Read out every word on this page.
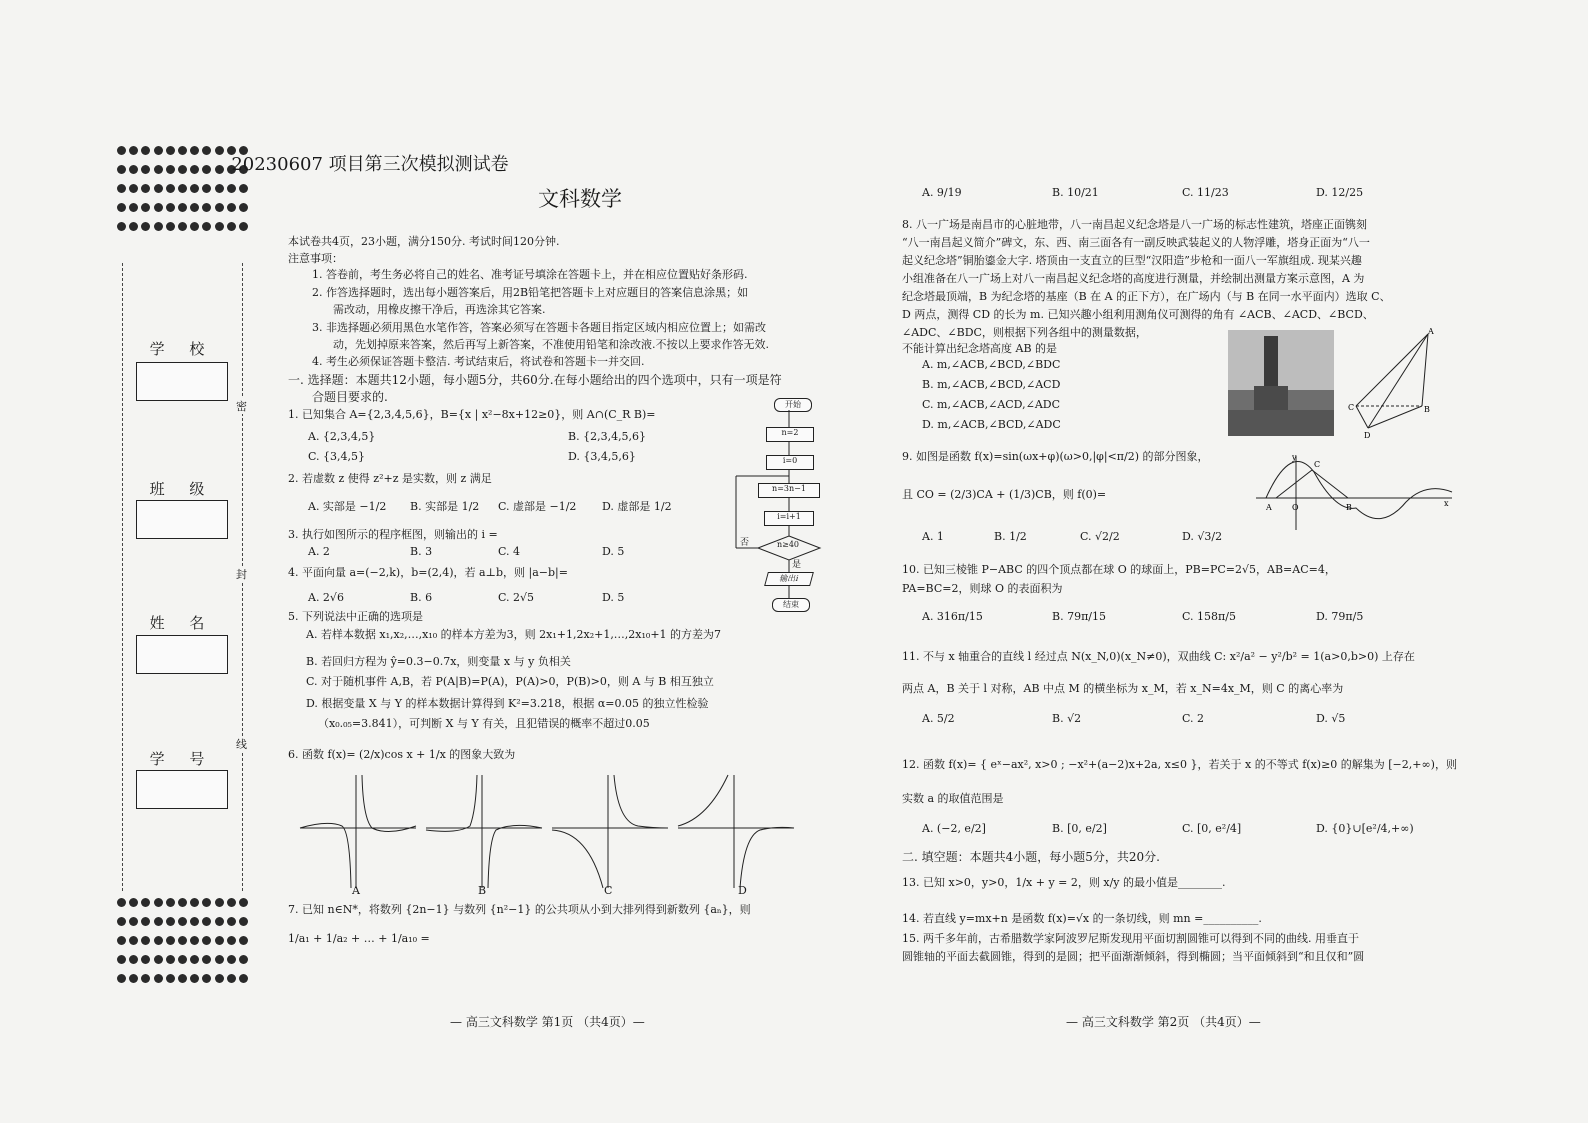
密
封
线
学 校
班 级
姓 名
学 号
20230607 项目第三次模拟测试卷
文科数学
本试卷共4页，23小题，满分150分. 考试时间120分钟.
注意事项：
1. 答卷前，考生务必将自己的姓名、准考证号填涂在答题卡上，并在相应位置贴好条形码.
2. 作答选择题时，选出每小题答案后，用2B铅笔把答题卡上对应题目的答案信息涂黑；如
需改动，用橡皮擦干净后，再选涂其它答案.
3. 非选择题必须用黑色水笔作答，答案必须写在答题卡各题目指定区域内相应位置上；如需改
动，先划掉原来答案，然后再写上新答案，不准使用铅笔和涂改液.不按以上要求作答无效.
4. 考生必须保证答题卡整洁. 考试结束后，将试卷和答题卡一并交回.
一. 选择题：本题共12小题，每小题5分，共60分.在每小题给出的四个选项中，只有一项是符
合题目要求的.
1. 已知集合 A={2,3,4,5,6}，B={x | x²−8x+12≥0}，则 A∩(C_R B)=
A. {2,3,4,5}	B. {2,3,4,5,6}
C. {3,4,5}	D. {3,4,5,6}
2. 若虚数 z 使得 z²+z 是实数，则 z 满足
A. 实部是 −1/2 B. 实部是 1/2 C. 虚部是 −1/2 D. 虚部是 1/2
3. 执行如图所示的程序框图，则输出的 i =
A. 2	B. 3	C. 4	D. 5
4. 平面向量 a=(−2,k)，b=(2,4)，若 a⊥b，则 |a−b|=
A. 2√6	B. 6	C. 2√5	D. 5
5. 下列说法中正确的选项是
A. 若样本数据 x₁,x₂,…,x₁₀ 的样本方差为3，则 2x₁+1,2x₂+1,…,2x₁₀+1 的方差为7
B. 若回归方程为 ŷ=0.3−0.7x，则变量 x 与 y 负相关
C. 对于随机事件 A,B，若 P(A|B)=P(A)，P(A)>0，P(B)>0，则 A 与 B 相互独立
D. 根据变量 X 与 Y 的样本数据计算得到 K²=3.218，根据 α=0.05 的独立性检验
（x₀.₀₅=3.841），可判断 X 与 Y 有关，且犯错误的概率不超过0.05
6. 函数 f(x)= (2/x)cos x + 1/x 的图象大致为
A	B	C	D
7. 已知 n∈N*，将数列 {2n−1} 与数列 {n²−1} 的公共项从小到大排列得到新数列 {aₙ}，则
1/a₁ + 1/a₂ + … + 1/a₁₀ =
— 高三文科数学 第1页 （共4页）—
开始
n=2
i=0
n=3n−1
i=i+1
n≥40
输出i
结束
否
是
A. 9/19	B. 10/21	C. 11/23	D. 12/25
8. 八一广场是南昌市的心脏地带，八一南昌起义纪念塔是八一广场的标志性建筑，塔座正面镌刻
“八一南昌起义简介”碑文，东、西、南三面各有一副反映武装起义的人物浮雕，塔身正面为“八一
起义纪念塔”铜胎鎏金大字. 塔顶由一支直立的巨型“汉阳造”步枪和一面八一军旗组成. 现某兴趣
小组准备在八一广场上对八一南昌起义纪念塔的高度进行测量，并绘制出测量方案示意图，A 为
纪念塔最顶端，B 为纪念塔的基座（B 在 A 的正下方），在广场内（与 B 在同一水平面内）选取 C、
D 两点，测得 CD 的长为 m. 已知兴趣小组利用测角仪可测得的角有 ∠ACB、∠ACD、∠BCD、
∠ADC、∠BDC，则根据下列各组中的测量数据，
不能计算出纪念塔高度 AB 的是
A. m,∠ACB,∠BCD,∠BDC
B. m,∠ACB,∠BCD,∠ACD
C. m,∠ACB,∠ACD,∠ADC
D. m,∠ACB,∠BCD,∠ADC
A
B
C
D
9. 如图是函数 f(x)=sin(ωx+φ)(ω>0,|φ|<π/2) 的部分图象，
且 CO = (2/3)CA + (1/3)CB，则 f(0)=
A. 1	B. 1/2	C. √2/2	D. √3/2
A	O	B
C
y
x
10. 已知三棱锥 P−ABC 的四个顶点都在球 O 的球面上，PB=PC=2√5，AB=AC=4，
PA=BC=2，则球 O 的表面积为
A. 316π/15	B. 79π/15	C. 158π/5	D. 79π/5
11. 不与 x 轴重合的直线 l 经过点 N(x_N,0)(x_N≠0)，双曲线 C: x²/a² − y²/b² = 1(a>0,b>0) 上存在
两点 A，B 关于 l 对称，AB 中点 M 的横坐标为 x_M，若 x_N=4x_M，则 C 的离心率为
A. 5/2	B. √2	C. 2	D. √5
12. 函数 f(x)= { eˣ−ax², x>0 ; −x²+(a−2)x+2a, x≤0 }，若关于 x 的不等式 f(x)≥0 的解集为 [−2,+∞)，则
实数 a 的取值范围是
A. (−2, e/2]	B. [0, e/2]	C. [0, e²/4]	D. {0}∪[e²/4,+∞)
二. 填空题：本题共4小题，每小题5分，共20分.
13. 已知 x>0，y>0，1/x + y = 2，则 x/y 的最小值是________.
14. 若直线 y=mx+n 是函数 f(x)=√x 的一条切线，则 mn =__________.
15. 两千多年前，古希腊数学家阿波罗尼斯发现用平面切割圆锥可以得到不同的曲线. 用垂直于
圆锥轴的平面去截圆锥，得到的是圆；把平面渐渐倾斜，得到椭圆；当平面倾斜到“和且仅和”圆
— 高三文科数学 第2页 （共4页）—
